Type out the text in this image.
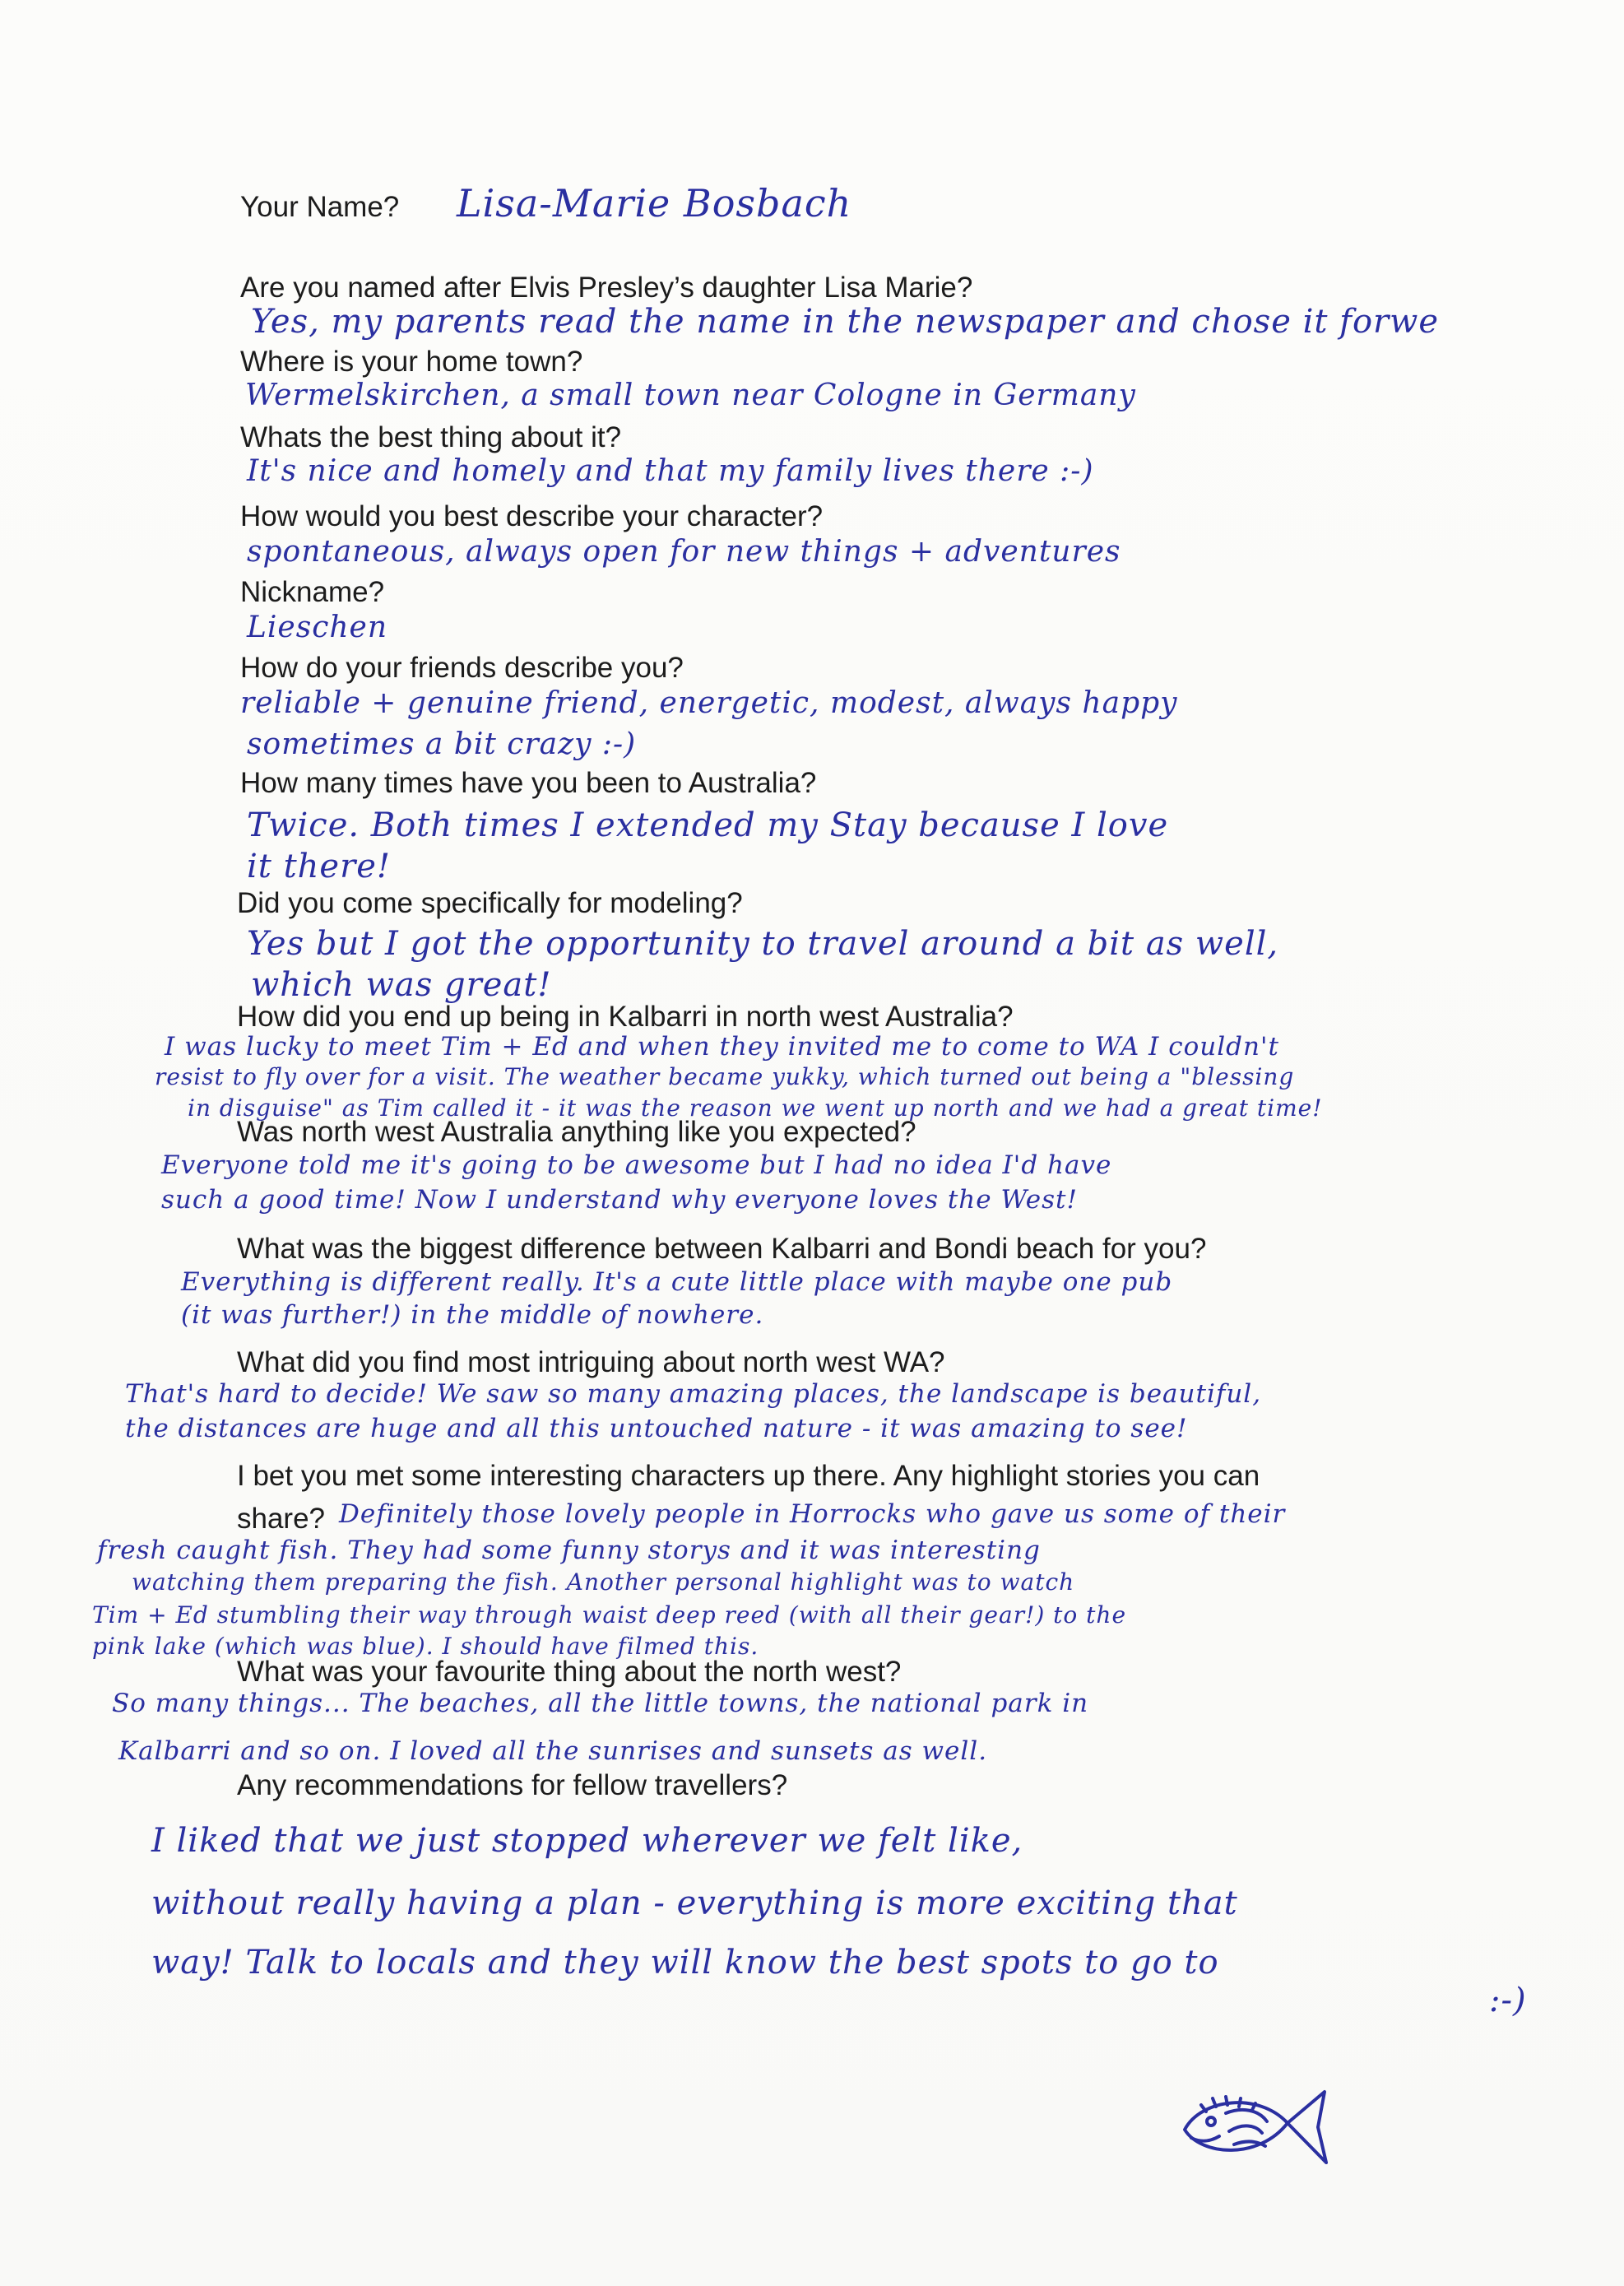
Your Name? Lisa-Marie Bosbach
Are you named after Elvis Presley’s daughter Lisa Marie?
Yes, my parents read the name in the newspaper and chose it forwe
Where is your home town?
Wermelskirchen, a small town near Cologne in Germany
Whats the best thing about it?
It's nice and homely and that my family lives there :-)
How would you best describe your character?
spontaneous, always open for new things + adventures
Nickname?
Lieschen
How do your friends describe you?
reliable + genuine friend, energetic, modest, always happy
sometimes a bit crazy :-)
How many times have you been to Australia?
Twice. Both times I extended my Stay because I love
it there!
Did you come specifically for modeling?
Yes but I got the opportunity to travel around a bit as well,
which was great!
How did you end up being in Kalbarri in north west Australia?
I was lucky to meet Tim + Ed and when they invited me to come to WA I couldn't
resist to fly over for a visit. The weather became yukky, which turned out being a "blessing
in disguise" as Tim called it - it was the reason we went up north and we had a great time!
Was north west Australia anything like you expected?
Everyone told me it's going to be awesome but I had no idea I'd have
such a good time! Now I understand why everyone loves the West!
What was the biggest difference between Kalbarri and Bondi beach for you?
Everything is different really. It's a cute little place with maybe one pub
(it was further!) in the middle of nowhere.
What did you find most intriguing about north west WA?
That's hard to decide! We saw so many amazing places, the landscape is beautiful,
the distances are huge and all this untouched nature - it was amazing to see!
I bet you met some interesting characters up there. Any highlight stories you can
share? Definitely those lovely people in Horrocks who gave us some of their
fresh caught fish. They had some funny storys and it was interesting
watching them preparing the fish. Another personal highlight was to watch
Tim + Ed stumbling their way through waist deep reed (with all their gear!) to the
pink lake (which was blue). I should have filmed this.
What was your favourite thing about the north west?
So many things... The beaches, all the little towns, the national park in
Kalbarri and so on. I loved all the sunrises and sunsets as well.
Any recommendations for fellow travellers?
I liked that we just stopped wherever we felt like,
without really having a plan - everything is more exciting that
way! Talk to locals and they will know the best spots to go to
:-)
